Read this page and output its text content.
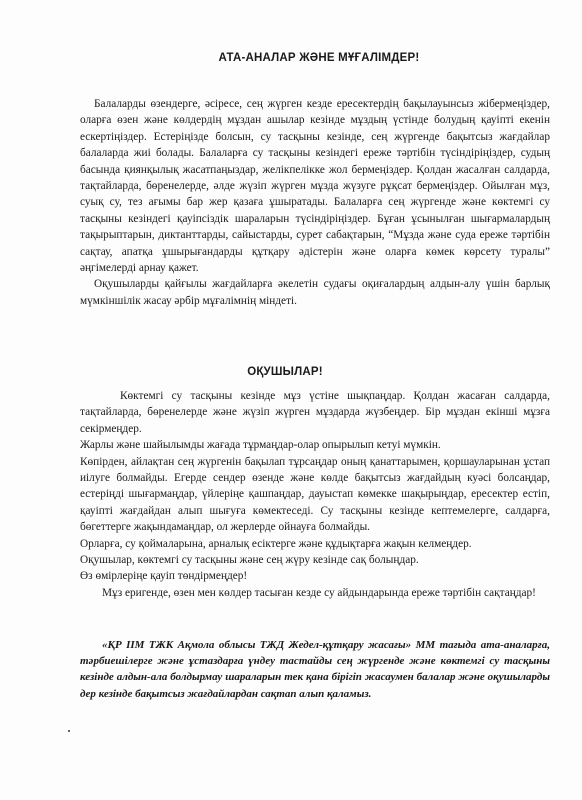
АТА-АНАЛАР ЖӘНЕ МҰҒАЛІМДЕР!

Балаларды өзендерге, әсіресе, сең жүрген кезде ересектердің бақылауынсыз жібермеңіздер, оларға өзен және көлдердің мұздан ашылар кезінде мұздың үстінде болудың қауіпті екенін ескертіңіздер. Естеріңізде болсын, су тасқыны кезінде, сең жүргенде бақытсыз жағдайлар балаларда жиі болады. Балаларға су тасқыны кезіндегі ереже тәртібін түсіндіріңіздер, судың басында қиянқылық жасатпаңыздар, желікпелікке жол бермеңіздер. Қолдан жасалған салдарда, тақтайларда, бөренелерде, әлде жүзіп жүрген мұзда жүзуге рұқсат бермеңіздер. Ойылған мұз, суық су, тез ағымы бар жер қазаға ұшыратады. Балаларға сең жүргенде және көктемгі су тасқыны кезіндегі қауіпсіздік шараларын түсіндіріңіздер. Бұған ұсынылған шығармалардың тақырыптарын, диктанттарды, сайыстарды, сурет сабақтарын, “Мұзда және суда ереже тәртібін сақтау, апатқа ұшырығандарды құтқару әдістерін және оларға көмек көрсету туралы” әңгімелерді арнау қажет.

Оқушыларды қайғылы жағдайларға әкелетін судағы оқиғалардың алдын-алу үшін барлық мүмкіншілік жасау әрбір мұғалімнің міндеті.

ОҚУШЫЛАР!

Көктемгі су тасқыны кезінде мұз үстіне шықпаңдар. Қолдан жасаған салдарда, тақтайларда, бөренелерде және жүзіп жүрген мұздарда жүзбеңдер. Бір мұздан екінші мұзға секірмеңдер.

Жарлы және шайылымды жағада тұрмаңдар-олар опырылып кетуі мүмкін.

Көпірден, айлақтан сең жүргенін бақылап тұрсаңдар оның қанаттарымен, қоршауларынан ұстап иілуге болмайды. Егерде сендер өзенде және көлде бақытсыз жағдайдың куәсі болсаңдар, естеріңді шығармаңдар, үйлеріңе қашпаңдар, дауыстап көмекке шақырыңдар, ересектер естіп, қауіпті жағдайдан алып шығуға көмектеседі. Су тасқыны кезінде кептемелерге, салдарға, бөгеттерге жақындамаңдар, ол жерлерде ойнауға болмайды.

Орларға, су қоймаларына, арналық есіктерге және құдықтарға жақын келмеңдер.

Оқушылар, көктемгі су тасқыны және сең жүру кезінде сақ болыңдар.

Өз өмірлеріңе қауіп төндірмеңдер!

Мұз еригенде, өзен мен көлдер тасыған кезде су айдындарында ереже тәртібін сақтаңдар!

«ҚР ІІМ ТЖК Ақмола облысы ТЖД Жедел-құтқару жасағы» ММ тағыда ата-аналарға, тәрбиешілерге және ұстаздарға үндеу тастайды сең жүргенде және көктемгі су тасқыны кезінде алдын-ала болдырмау шараларын тек қана бірігіп жасаумен балалар және оқушыларды дер кезінде бақытсыз жағдайлардан сақтап алып қаламыз.
